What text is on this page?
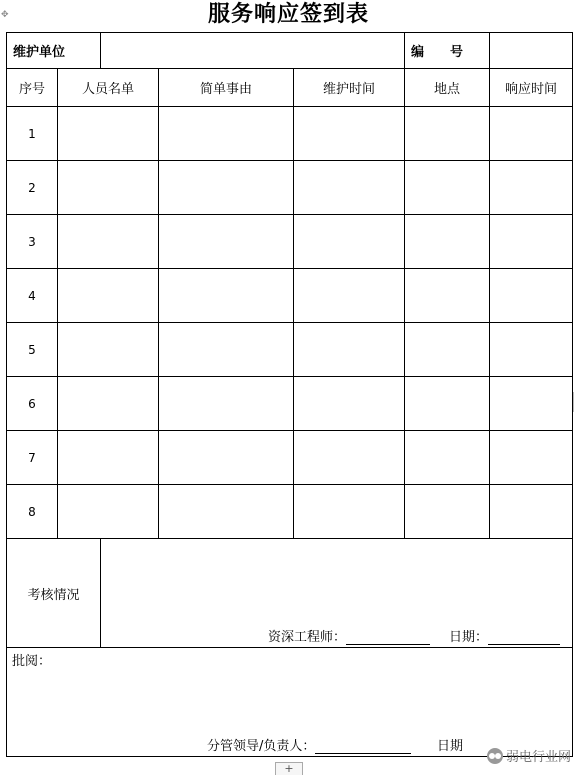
✥	服务响应签到表
维护单位					编　　号	
序号	人员名单		简单事由	维护时间	地点	响应时间
1						
2						
3						
4						
5						
6						
7						
8						
考核情况		资深工程师： 日期：				

批阅：
分管领导/负责人： 日期						
弱电行业网
+
